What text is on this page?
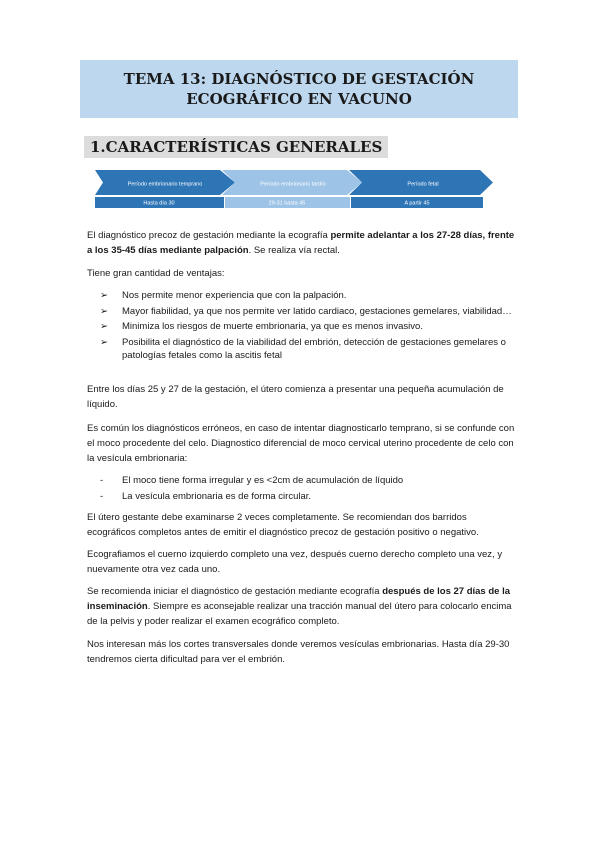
TEMA 13: DIAGNÓSTICO DE GESTACIÓN ECOGRÁFICO EN VACUNO
1.CARACTERÍSTICAS GENERALES
Período embrionario temprano	Período embrionario tardío	Período fetal
Hasta día 30	29-31 hasta 45	A partir 45

El diagnóstico precoz de gestación mediante la ecografía permite adelantar a los 27-28 días, frente a los 35-45 días mediante palpación. Se realiza vía rectal.

Tiene gran cantidad de ventajas:

➢	Nos permite menor experiencia que con la palpación.
➢	Mayor fiabilidad, ya que nos permite ver latido cardiaco, gestaciones gemelares, viabilidad…
➢	Minimiza los riesgos de muerte embrionaria, ya que es menos invasivo.
➢	Posibilita el diagnóstico de la viabilidad del embrión, detección de gestaciones gemelares o patologías fetales como la ascitis fetal

Entre los días 25 y 27 de la gestación, el útero comienza a presentar una pequeña acumulación de líquido.

Es común los diagnósticos erróneos, en caso de intentar diagnosticarlo temprano, si se confunde con el moco procedente del celo. Diagnostico diferencial de moco cervical uterino procedente de celo con la vesícula embrionaria:

-	El moco tiene forma irregular y es <2cm de acumulación de líquido
-	La vesícula embrionaria es de forma circular.

El útero gestante debe examinarse 2 veces completamente. Se recomiendan dos barridos ecográficos completos antes de emitir el diagnóstico precoz de gestación positivo o negativo.

Ecografiamos el cuerno izquierdo completo una vez, después cuerno derecho completo una vez, y nuevamente otra vez cada uno.

Se recomienda iniciar el diagnóstico de gestación mediante ecografía después de los 27 días de la inseminación. Siempre es aconsejable realizar una tracción manual del útero para colocarlo encima de la pelvis y poder realizar el examen ecográfico completo.

Nos interesan más los cortes transversales donde veremos vesículas embrionarias. Hasta día 29-30 tendremos cierta dificultad para ver el embrión.
